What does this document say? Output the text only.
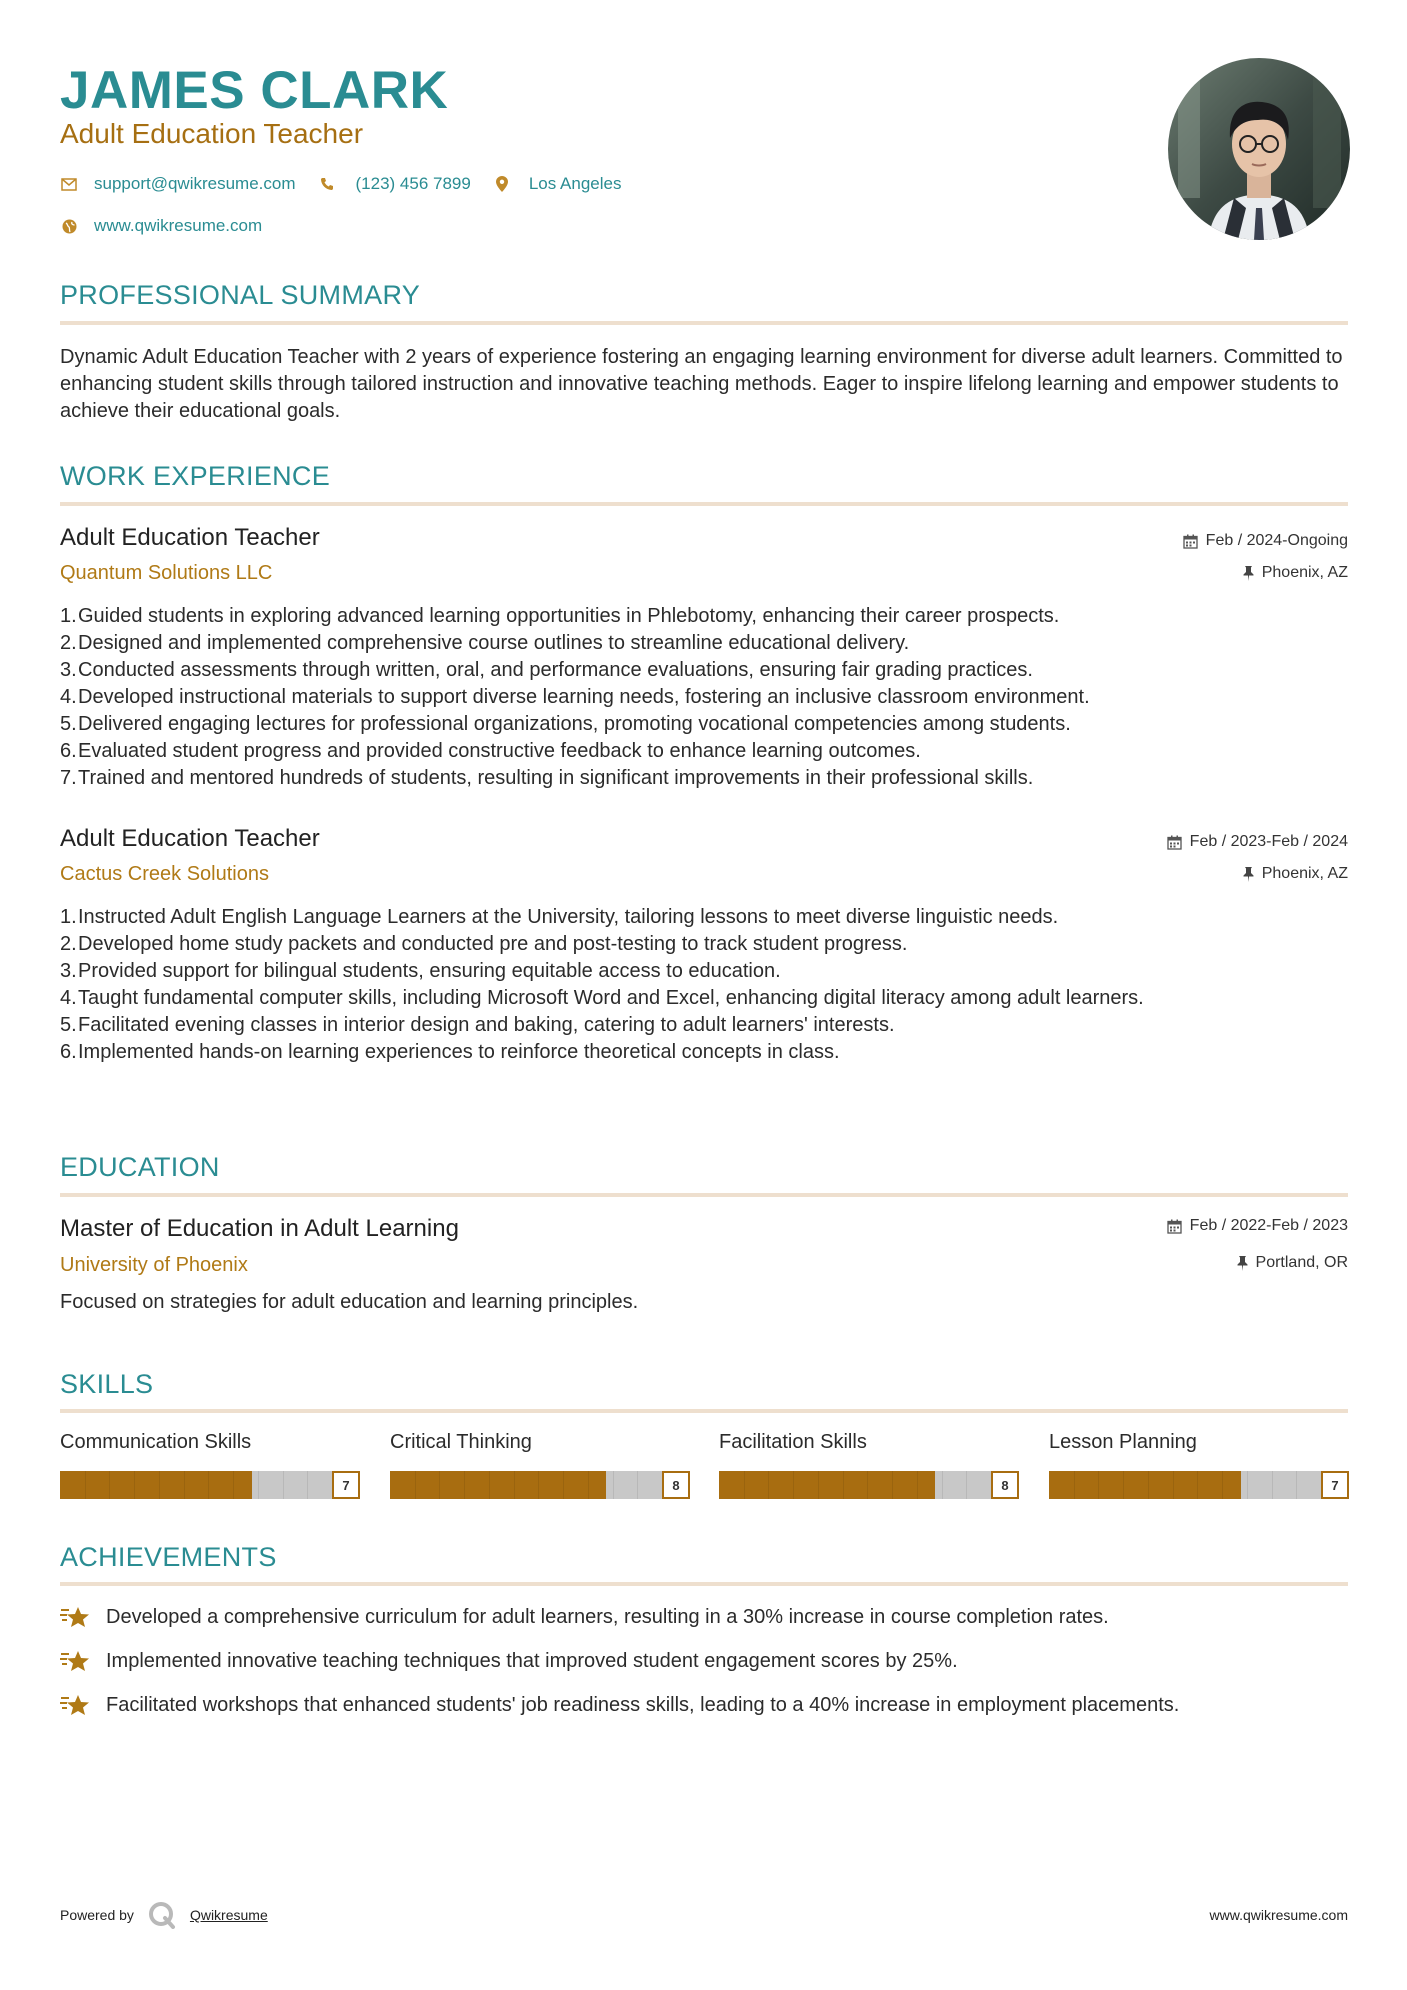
JAMES CLARK
Adult Education Teacher
support@qwikresume.com	(123) 456 7899	Los Angeles
www.qwikresume.com
PROFESSIONAL SUMMARY
Dynamic Adult Education Teacher with 2 years of experience fostering an engaging learning environment for diverse adult learners. Committed to enhancing student skills through tailored instruction and innovative teaching methods. Eager to inspire lifelong learning and empower students to achieve their educational goals.
WORK EXPERIENCE
Adult Education Teacher	Feb / 2024-Ongoing
Quantum Solutions LLC	Phoenix, AZ
1. Guided students in exploring advanced learning opportunities in Phlebotomy, enhancing their career prospects.
2. Designed and implemented comprehensive course outlines to streamline educational delivery.
3. Conducted assessments through written, oral, and performance evaluations, ensuring fair grading practices.
4. Developed instructional materials to support diverse learning needs, fostering an inclusive classroom environment.
5. Delivered engaging lectures for professional organizations, promoting vocational competencies among students.
6. Evaluated student progress and provided constructive feedback to enhance learning outcomes.
7. Trained and mentored hundreds of students, resulting in significant improvements in their professional skills.
Adult Education Teacher	Feb / 2023-Feb / 2024
Cactus Creek Solutions	Phoenix, AZ
1. Instructed Adult English Language Learners at the University, tailoring lessons to meet diverse linguistic needs.
2. Developed home study packets and conducted pre and post-testing to track student progress.
3. Provided support for bilingual students, ensuring equitable access to education.
4. Taught fundamental computer skills, including Microsoft Word and Excel, enhancing digital literacy among adult learners.
5. Facilitated evening classes in interior design and baking, catering to adult learners' interests.
6. Implemented hands-on learning experiences to reinforce theoretical concepts in class.
EDUCATION
Master of Education in Adult Learning	Feb / 2022-Feb / 2023
University of Phoenix	Portland, OR
Focused on strategies for adult education and learning principles.
SKILLS
Communication Skills
7
Critical Thinking
8
Facilitation Skills
8
Lesson Planning
7
ACHIEVEMENTS
Developed a comprehensive curriculum for adult learners, resulting in a 30% increase in course completion rates.
Implemented innovative teaching techniques that improved student engagement scores by 25%.
Facilitated workshops that enhanced students' job readiness skills, leading to a 40% increase in employment placements.
Powered by	Qwikresume	www.qwikresume.com
